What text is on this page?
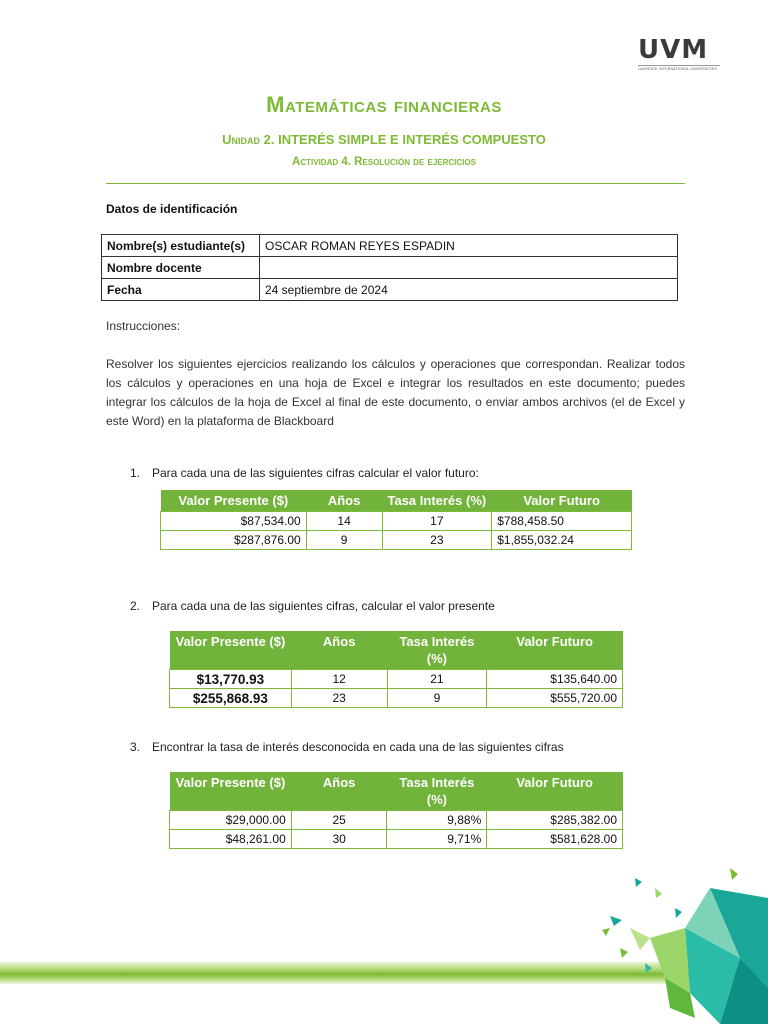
UVM
LAUREATE INTERNATIONAL UNIVERSITIES
Matemáticas financieras
Unidad 2. INTERÉS SIMPLE E INTERÉS COMPUESTO
Actividad 4. Resolución de ejercicios
Datos de identificación
Nombre(s) estudiante(s)	OSCAR ROMAN REYES ESPADIN
Nombre docente	
Fecha	24 septiembre de 2024
Instrucciones:
Resolver los siguientes ejercicios realizando los cálculos y operaciones que correspondan. Realizar todos los cálculos y operaciones en una hoja de Excel e integrar los resultados en este documento; puedes integrar los cálculos de la hoja de Excel al final de este documento, o enviar ambos archivos (el de Excel y este Word) en la plataforma de Blackboard
1. Para cada una de las siguientes cifras calcular el valor futuro:
Valor Presente ($)	Años	Tasa Interés (%)	Valor Futuro
$87,534.00	14	17	$788,458.50
$287,876.00	9	23	$1,855,032.24
2. Para cada una de las siguientes cifras, calcular el valor presente
Valor Presente ($)	Años	Tasa Interés (%)	Valor Futuro
$13,770.93	12	21	$135,640.00
$255,868.93	23	9	$555,720.00
3. Encontrar la tasa de interés desconocida en cada una de las siguientes cifras
Valor Presente ($)	Años	Tasa Interés (%)	Valor Futuro
$29,000.00	25	9,88%	$285,382.00
$48,261.00	30	9,71%	$581,628.00
